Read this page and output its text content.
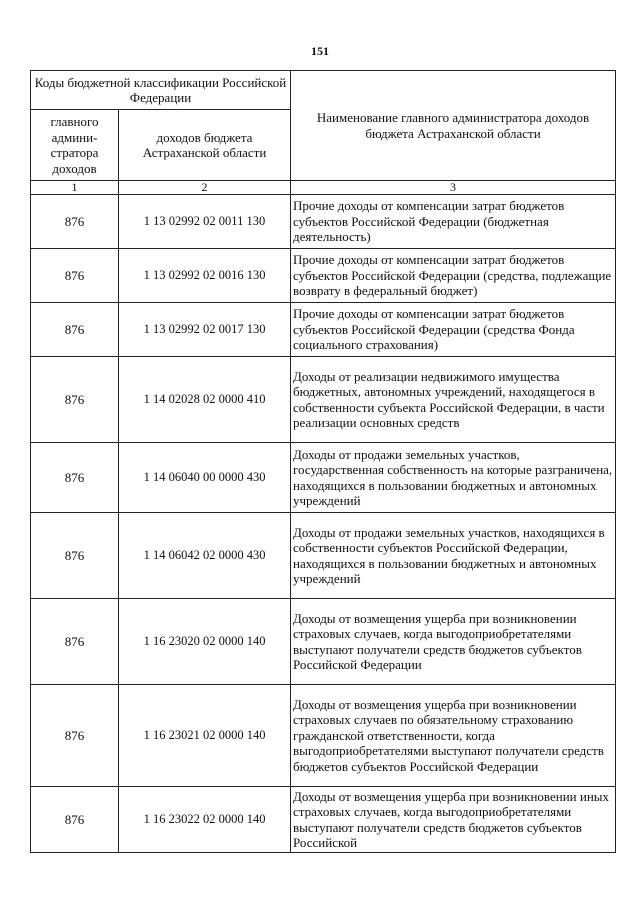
151
Коды бюджетной классификации Российской Федерации		Наименование главного администратора доходов бюджета Астраханской области
главного админи-стратора доходов	доходов бюджета Астраханской области	
1	2	3
876	1 13 02992 02 0011 130	Прочие доходы от компенсации затрат бюджетов субъектов Российской Федерации (бюджетная деятельность)
876	1 13 02992 02 0016 130	Прочие доходы от компенсации затрат бюджетов субъектов Российской Федерации (средства, подлежащие возврату в федеральный бюджет)
876	1 13 02992 02 0017 130	Прочие доходы от компенсации затрат бюджетов субъектов Российской Федерации (средства Фонда социального страхования)
876	1 14 02028 02 0000 410	Доходы от реализации недвижимого имущества бюджетных, автономных учреждений, находящегося в собственности субъекта Российской Федерации, в части реализации основных средств
876	1 14 06040 00 0000 430	Доходы от продажи земельных участков, государственная собственность на которые разграничена, находящихся в пользовании бюджетных и автономных учреждений
876	1 14 06042 02 0000 430	Доходы от продажи земельных участков, находящихся в собственности субъектов Российской Федерации, находящихся в пользовании бюджетных и автономных учреждений
876	1 16 23020 02 0000 140	Доходы от возмещения ущерба при возникновении страховых случаев, когда выгодоприобретателями выступают получатели средств бюджетов субъектов Российской Федерации
876	1 16 23021 02 0000 140	Доходы от возмещения ущерба при возникновении страховых случаев по обязательному страхованию гражданской ответственности, когда выгодоприобретателями выступают получатели средств бюджетов субъектов Российской Федерации
876	1 16 23022 02 0000 140	Доходы от возмещения ущерба при возникновении иных страховых случаев, когда выгодоприобретателями выступают получатели средств бюджетов субъектов Российской
